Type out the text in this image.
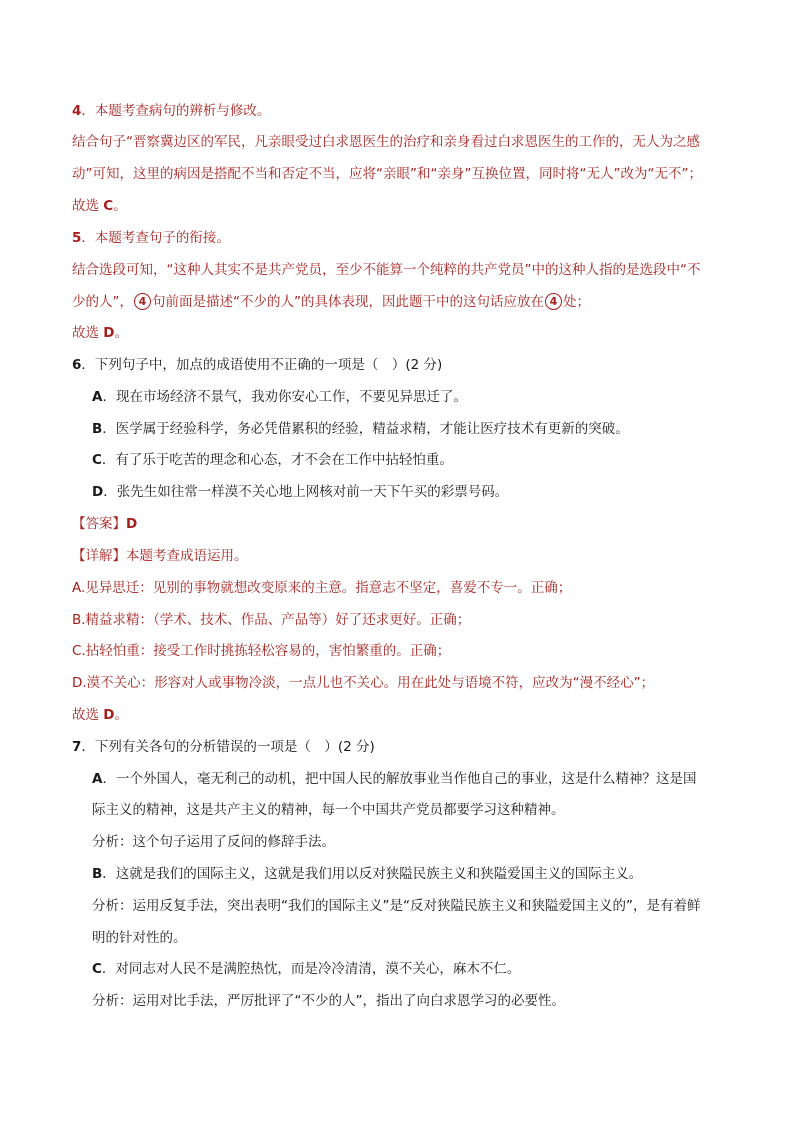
4．本题考查病句的辨析与修改。
结合句子“晋察冀边区的军民，凡亲眼受过白求恩医生的治疗和亲身看过白求恩医生的工作的，无人为之感
动”可知，这里的病因是搭配不当和否定不当，应将“亲眼”和“亲身”互换位置，同时将“无人”改为“无不”；
故选 C。
5．本题考查句子的衔接。
结合选段可知，“这种人其实不是共产党员，至少不能算一个纯粹的共产党员”中的这种人指的是选段中“不
少的人”， 4 句前面是描述“不少的人”的具体表现，因此题干中的这句话应放在 4 处；
故选 D。
6．下列句子中，加点的成语使用不正确的一项是（　）(2 分)
A．现在市场经济不景气，我劝你安心工作，不要见异思迁了。
B．医学属于经验科学，务必凭借累积的经验，精益求精，才能让医疗技术有更新的突破。
C．有了乐于吃苦的理念和心态，才不会在工作中拈轻怕重。
D．张先生如往常一样漠不关心地上网核对前一天下午买的彩票号码。
【答案】D
【详解】本题考查成语运用。
A.见异思迁：见别的事物就想改变原来的主意。指意志不坚定，喜爱不专一。正确；
B.精益求精：（学术、技术、作品、产品等）好了还求更好。正确；
C.拈轻怕重：接受工作时挑拣轻松容易的，害怕繁重的。正确；
D.漠不关心：形容对人或事物冷淡，一点儿也不关心。用在此处与语境不符，应改为“漫不经心”；
故选 D。
7．下列有关各句的分析错误的一项是（　）(2 分)
A．一个外国人，毫无利己的动机，把中国人民的解放事业当作他自己的事业，这是什么精神？这是国
际主义的精神，这是共产主义的精神，每一个中国共产党员都要学习这种精神。
分析：这个句子运用了反问的修辞手法。
B．这就是我们的国际主义，这就是我们用以反对狭隘民族主义和狭隘爱国主义的国际主义。
分析：运用反复手法，突出表明“我们的国际主义”是“反对狭隘民族主义和狭隘爱国主义的”，是有着鲜
明的针对性的。
C．对同志对人民不是满腔热忱，而是冷冷清清，漠不关心，麻木不仁。
分析：运用对比手法，严厉批评了“不少的人”，指出了向白求恩学习的必要性。
